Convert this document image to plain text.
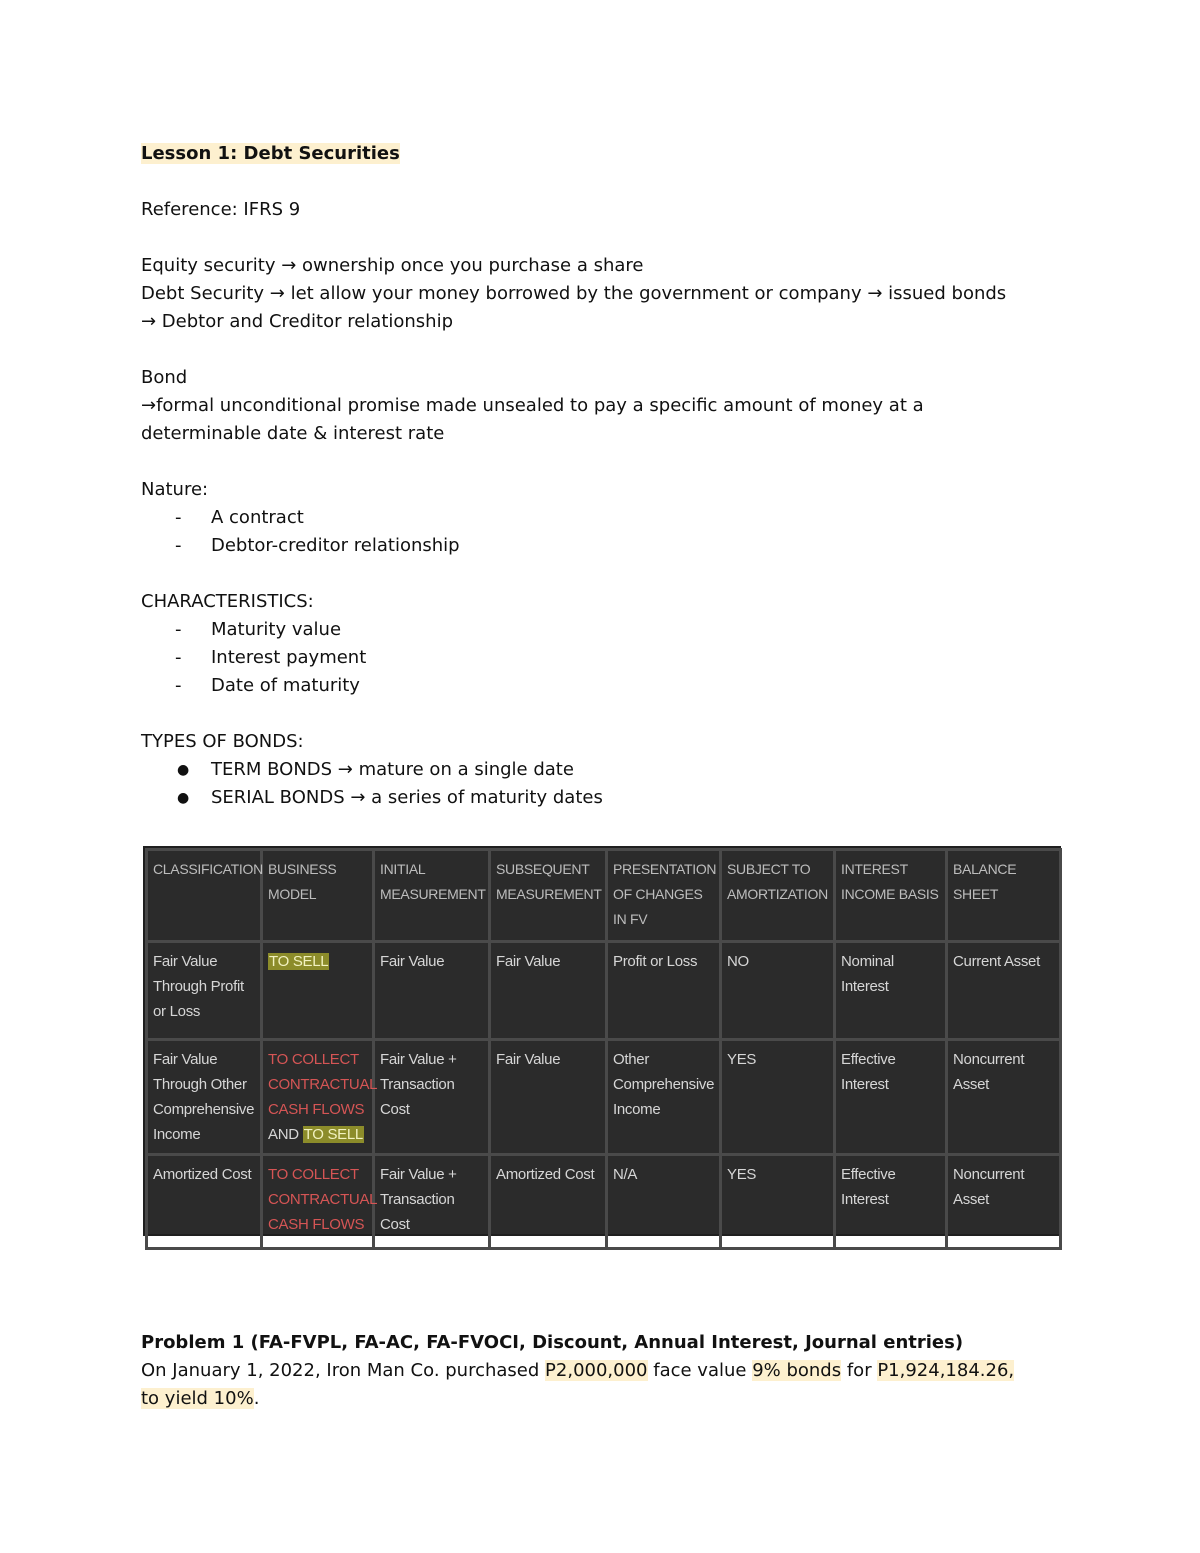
Lesson 1: Debt Securities
Reference: IFRS 9
Equity security → ownership once you purchase a share
Debt Security → let allow your money borrowed by the government or company → issued bonds
→ Debtor and Creditor relationship
Bond
→formal unconditional promise made unsealed to pay a specific amount of money at a
determinable date & interest rate
Nature:
- A contract
- Debtor-creditor relationship
CHARACTERISTICS:
- Maturity value
- Interest payment
- Date of maturity
TYPES OF BONDS:
● TERM BONDS → mature on a single date
● SERIAL BONDS → a series of maturity dates
CLASSIFICATION	BUSINESS MODEL	INITIAL MEASUREMENT	SUBSEQUENT MEASUREMENT	PRESENTATION OF CHANGES IN FV	SUBJECT TO AMORTIZATION	INTEREST INCOME BASIS	BALANCE SHEET
Fair Value Through Profit or Loss	TO SELL	Fair Value	Fair Value	Profit or Loss	NO	Nominal Interest	Current Asset
Fair Value Through Other Comprehensive Income	TO COLLECT CONTRACTUAL CASH FLOWS AND TO SELL	Fair Value + Transaction Cost	Fair Value	Other Comprehensive Income	YES	Effective Interest	Noncurrent Asset
Amortized Cost	TO COLLECT CONTRACTUAL CASH FLOWS	Fair Value + Transaction Cost	Amortized Cost	N/A	YES	Effective Interest	Noncurrent Asset
Problem 1 (FA-FVPL, FA-AC, FA-FVOCI, Discount, Annual Interest, Journal entries)
On January 1, 2022, Iron Man Co. purchased P2,000,000 face value 9% bonds for P1,924,184.26,
to yield 10%.
